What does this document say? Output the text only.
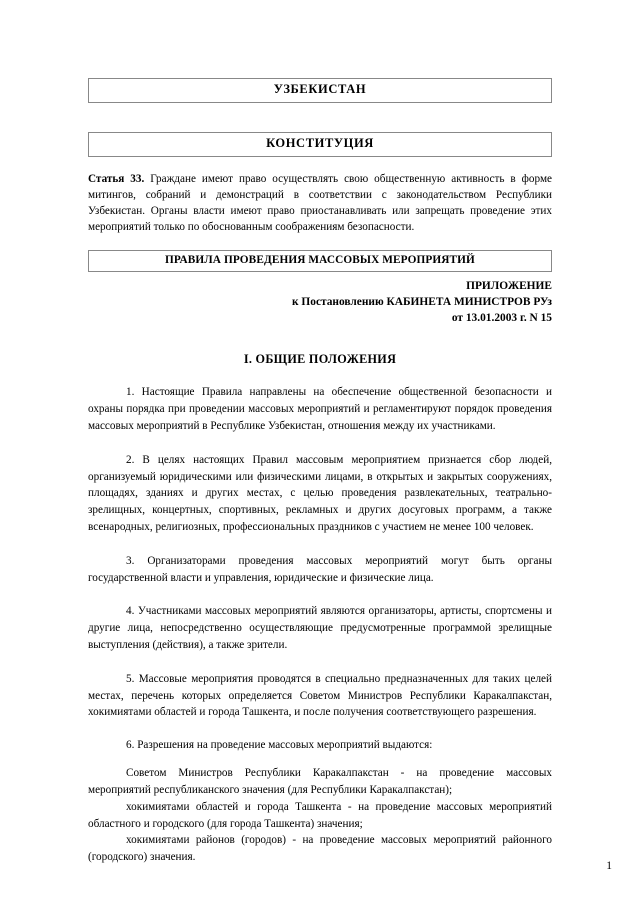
УЗБЕКИСТАН
КОНСТИТУЦИЯ

Статья 33. Гражданe имеют право осуществлять свою общественную активность в форме митингов, собраний и демонстраций в соответствии с законодательством Республики Узбекистан. Органы власти имеют право приостанавливать или запрещать проведение этих мероприятий только по обоснованным соображениям безопасности.

ПРАВИЛА ПРОВЕДЕНИЯ МАССОВЫХ МЕРОПРИЯТИЙ
ПРИЛОЖЕНИЕ
к Постановлению КАБИНЕТА МИНИСТРОВ РУз
от 13.01.2003 г. N 15
I. ОБЩИЕ ПОЛОЖЕНИЯ

1. Настоящие Правила направлены на обеспечение общественной безопасности и охраны порядка при проведении массовых мероприятий и регламентируют порядок проведения массовых мероприятий в Республике Узбекистан, отношения между их участниками.

2. В целях настоящих Правил массовым мероприятием признается сбор людей, организуемый юридическими или физическими лицами, в открытых и закрытых сооружениях, площадях, зданиях и других местах, с целью проведения развлекательных, театрально-зрелищных, концертных, спортивных, рекламных и других досуговых программ, а также всенародных, религиозных, профессиональных праздников с участием не менее 100 человек.

3. Организаторами проведения массовых мероприятий могут быть органы государственной власти и управления, юридические и физические лица.

4. Участниками массовых мероприятий являются организаторы, артисты, спортсмены и другие лица, непосредственно осуществляющие предусмотренные программой зрелищные выступления (действия), а также зрители.

5. Массовые мероприятия проводятся в специально предназначенных для таких целей местах, перечень которых определяется Советом Министров Республики Каракалпакстан, хокимиятами областей и города Ташкента, и после получения соответствующего разрешения.

6. Разрешения на проведение массовых мероприятий выдаются:

Советом Министров Республики Каракалпакстан - на проведение массовых мероприятий республиканского значения (для Республики Каракалпакстан);

хокимиятами областей и города Ташкента - на проведение массовых мероприятий областного и городского (для города Ташкента) значения;

хокимиятами районов (городов) - на проведение массовых мероприятий районного (городского) значения.

1
